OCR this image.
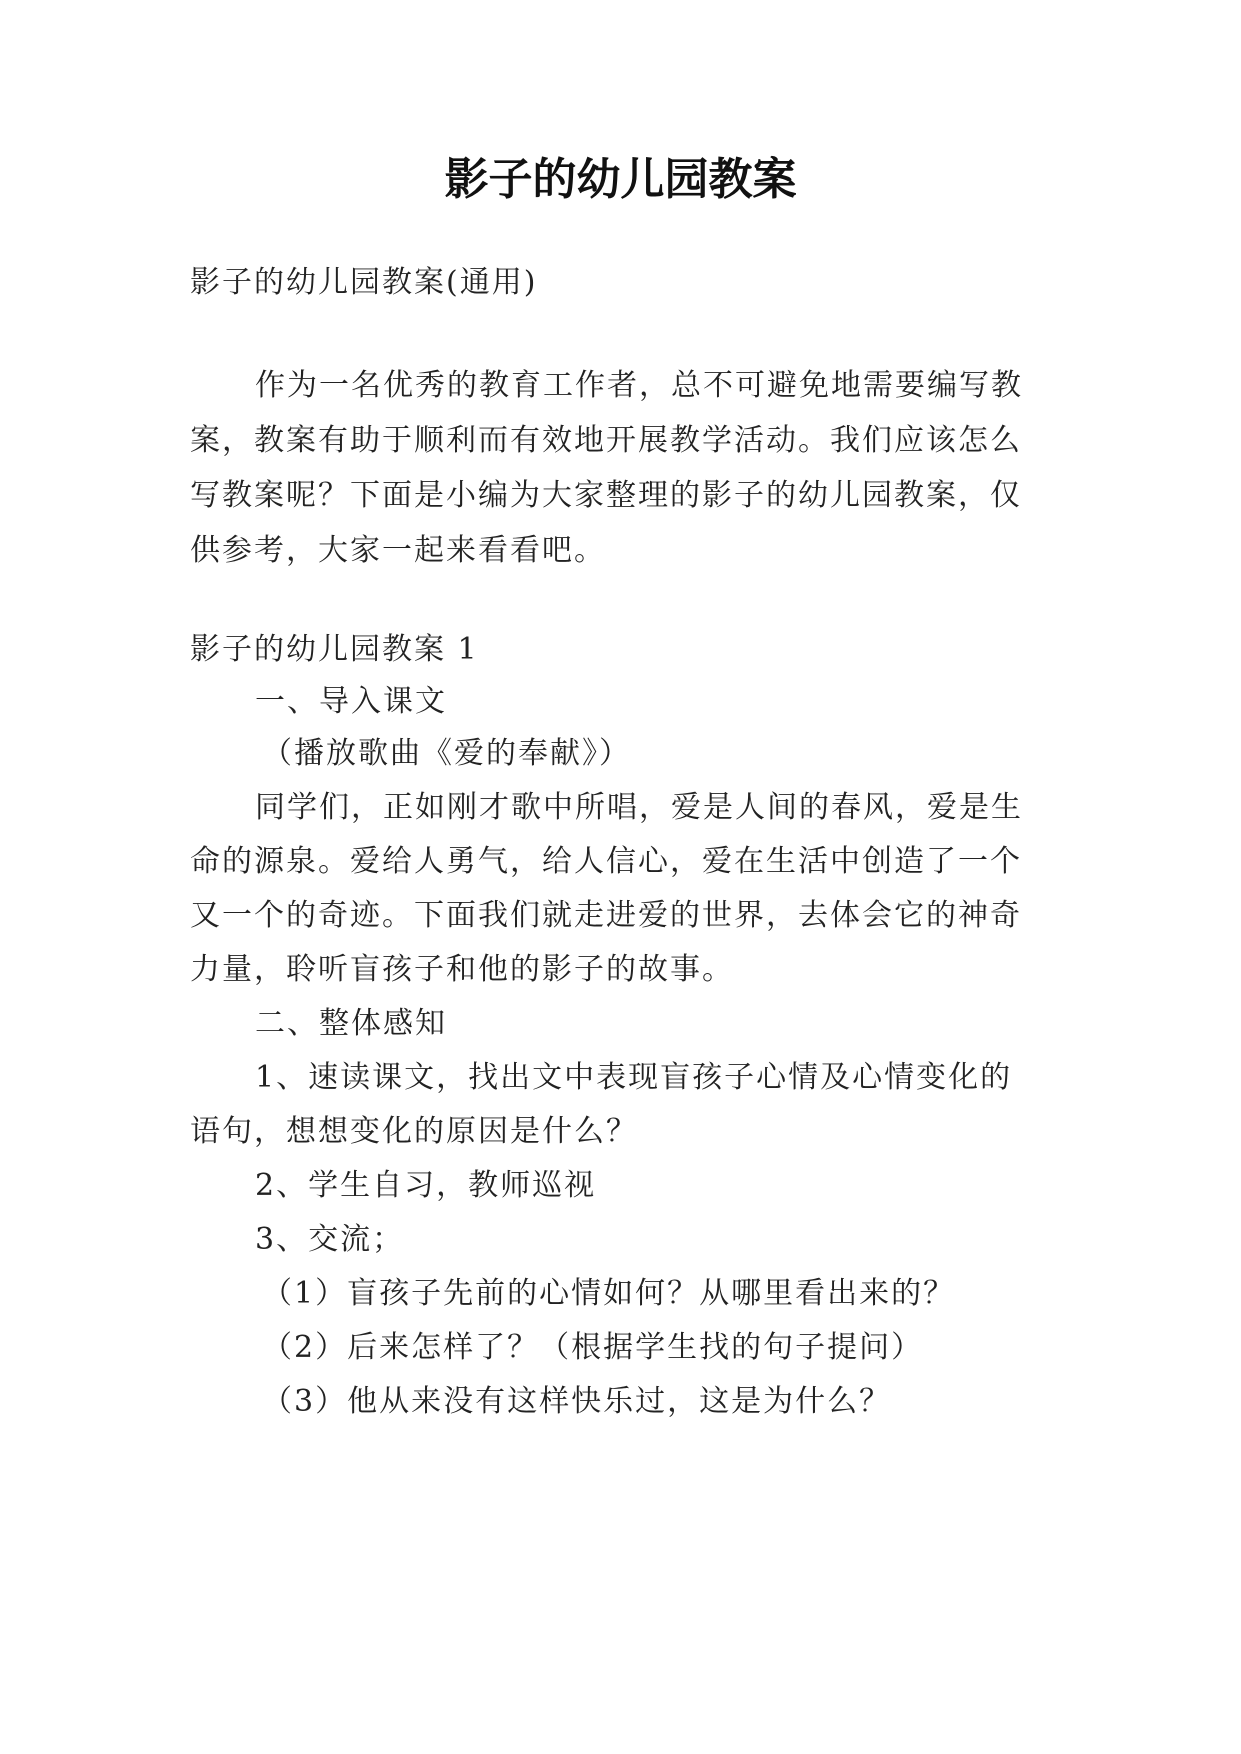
影子的幼儿园教案

影子的幼儿园教案(通用)

作为一名优秀的教育工作者，总不可避免地需要编写教

案，教案有助于顺利而有效地开展教学活动。我们应该怎么

写教案呢？下面是小编为大家整理的影子的幼儿园教案，仅

供参考，大家一起来看看吧。

影子的幼儿园教案 1

一、导入课文

（播放歌曲《爱的奉献》）

同学们，正如刚才歌中所唱，爱是人间的春风，爱是生

命的源泉。爱给人勇气，给人信心，爱在生活中创造了一个

又一个的奇迹。下面我们就走进爱的世界，去体会它的神奇

力量，聆听盲孩子和他的影子的故事。

二、整体感知

1、速读课文，找出文中表现盲孩子心情及心情变化的

语句，想想变化的原因是什么？

2、学生自习，教师巡视

3、交流；

（1）盲孩子先前的心情如何？从哪里看出来的？

（2）后来怎样了？（根据学生找的句子提问）

（3）他从来没有这样快乐过，这是为什么？
